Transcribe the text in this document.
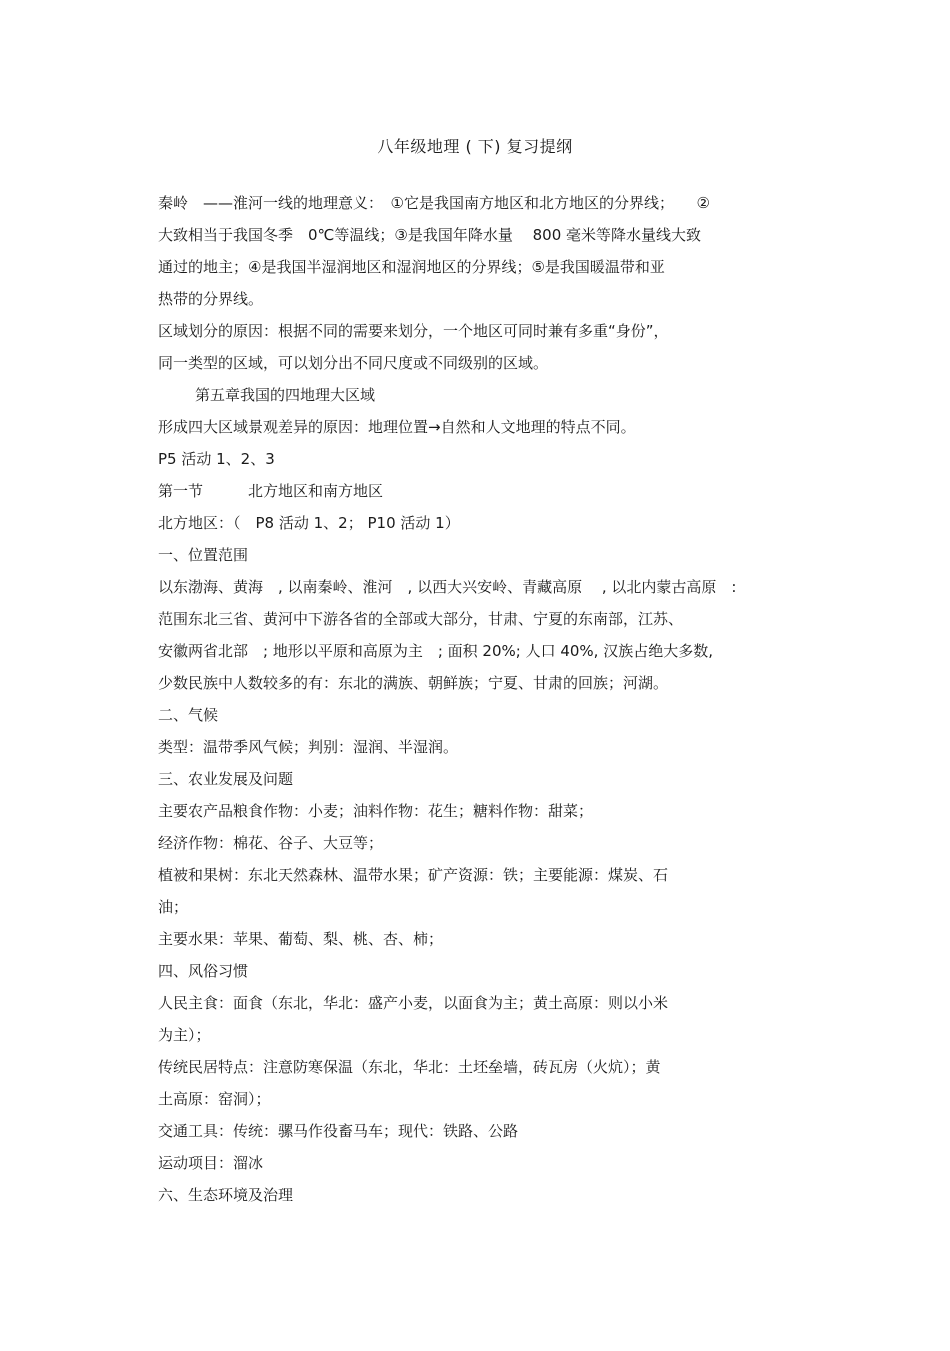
八年级地理 ( 下) 复习提纲
秦岭　——淮河一线的地理意义：　①它是我国南方地区和北方地区的分界线；　　②
大致相当于我国冬季　0℃等温线；③是我国年降水量　 800 毫米等降水量线大致
通过的地主；④是我国半湿润地区和湿润地区的分界线；⑤是我国暖温带和亚
热带的分界线。
区域划分的原因：根据不同的需要来划分，一个地区可同时兼有多重“身份”，
同一类型的区域，可以划分出不同尺度或不同级别的区域。
第五章我国的四地理大区域
形成四大区域景观差异的原因：地理位置→自然和人文地理的特点不同。
P5 活动 1、2、3
第一节　　　北方地区和南方地区
北方地区：（　P8 活动 1、2； P10 活动 1）
一、位置范围
以东渤海、黄海　, 以南秦岭、淮河　, 以西大兴安岭、青藏高原　 , 以北内蒙古高原　:
范围东北三省、黄河中下游各省的全部或大部分，甘肃、宁夏的东南部，江苏、
安徽两省北部　; 地形以平原和高原为主　; 面积 20%; 人口 40%, 汉族占绝大多数,
少数民族中人数较多的有：东北的满族、朝鲜族；宁夏、甘肃的回族；河湖。
二、气候
类型：温带季风气候；判别：湿润、半湿润。
三、农业发展及问题
主要农产品粮食作物：小麦；油料作物：花生；糖料作物：甜菜；
经济作物：棉花、谷子、大豆等；
植被和果树：东北天然森林、温带水果；矿产资源：铁；主要能源：煤炭、石
油；
主要水果：苹果、葡萄、梨、桃、杏、柿；
四、风俗习惯
人民主食：面食（东北，华北：盛产小麦，以面食为主；黄土高原：则以小米
为主）；
传统民居特点：注意防寒保温（东北，华北：土坯垒墙，砖瓦房（火炕）；黄
土高原：窑洞）；
交通工具：传统：骡马作役畜马车；现代：铁路、公路
运动项目：溜冰
六、生态环境及治理
